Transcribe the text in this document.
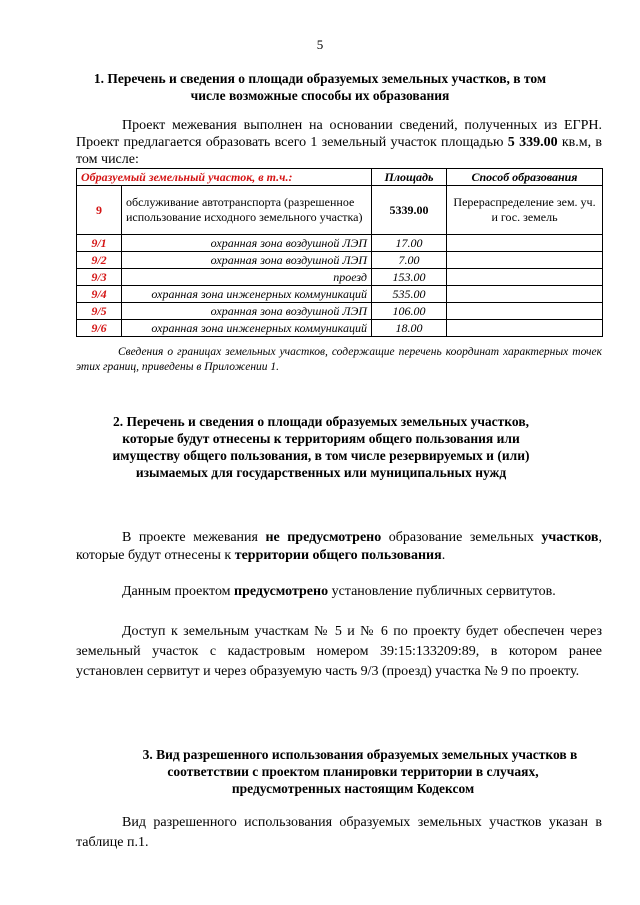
5
1. Перечень и сведения о площади образуемых земельных участков, в том
числе возможные способы их образования
Проект межевания выполнен на основании сведений, полученных из ЕГРН. Проект предлагается образовать всего 1 земельный участок площадью 5 339.00 кв.м, в том числе:
Образуемый земельный участок, в т.ч.:		Площадь	Способ образования
9	обслуживание автотранспорта (разрешенное использование исходного земельного участка)	5339.00	Перераспределение зем. уч. и гос. земель
9/1	охранная зона воздушной ЛЭП	17.00	
9/2	охранная зона воздушной ЛЭП	7.00	
9/3	проезд	153.00	
9/4	охранная зона инженерных коммуникаций	535.00	
9/5	охранная зона воздушной ЛЭП	106.00	
9/6	охранная зона инженерных коммуникаций	18.00	
Сведения о границах земельных участков, содержащие перечень координат характерных точек этих границ, приведены в Приложении 1.
2. Перечень и сведения о площади образуемых земельных участков,
которые будут отнесены к территориям общего пользования или
имуществу общего пользования, в том числе резервируемых и (или)
изымаемых для государственных или муниципальных нужд
В проекте межевания не предусмотрено образование земельных участков, которые будут отнесены к территории общего пользования.
Данным проектом предусмотрено установление публичных сервитутов.
Доступ к земельным участкам № 5 и № 6 по проекту будет обеспечен через земельный участок с кадастровым номером 39:15:133209:89, в котором ранее установлен сервитут и через образуемую часть 9/3 (проезд) участка № 9 по проекту.
3. Вид разрешенного использования образуемых земельных участков в
соответствии с проектом планировки территории в случаях,
предусмотренных настоящим Кодексом
Вид разрешенного использования образуемых земельных участков указан в таблице п.1.
